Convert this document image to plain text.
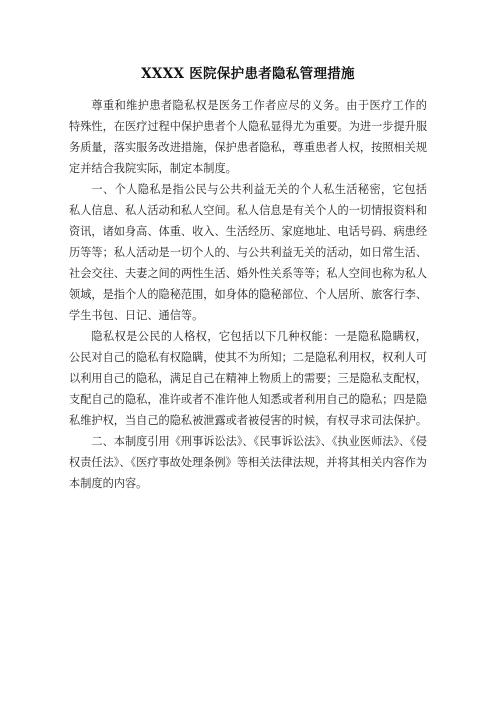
XXXX 医院保护患者隐私管理措施

尊重和维护患者隐私权是医务工作者应尽的义务。由于医疗工作的特殊性，在医疗过程中保护患者个人隐私显得尤为重要。为进一步提升服务质量，落实服务改进措施，保护患者隐私，尊重患者人权，按照相关规定并结合我院实际，制定本制度。

一、个人隐私是指公民与公共利益无关的个人私生活秘密，它包括私人信息、私人活动和私人空间。私人信息是有关个人的一切情报资料和资讯，诸如身高、体重、收入、生活经历、家庭地址、电话号码、病患经历等等；私人活动是一切个人的、与公共利益无关的活动，如日常生活、社会交往、夫妻之间的两性生活、婚外性关系等等；私人空间也称为私人领域，是指个人的隐秘范围，如身体的隐秘部位、个人居所、旅客行李、学生书包、日记、通信等。

隐私权是公民的人格权，它包括以下几种权能：一是隐私隐瞒权，公民对自己的隐私有权隐瞒，使其不为所知；二是隐私利用权，权利人可以利用自己的隐私，满足自己在精神上物质上的需要；三是隐私支配权，支配自己的隐私，准许或者不准许他人知悉或者利用自己的隐私；四是隐私维护权，当自己的隐私被泄露或者被侵害的时候，有权寻求司法保护。

二、本制度引用《刑事诉讼法》、《民事诉讼法》、《执业医师法》、《侵权责任法》、《医疗事故处理条例》等相关法律法规，并将其相关内容作为本制度的内容。
